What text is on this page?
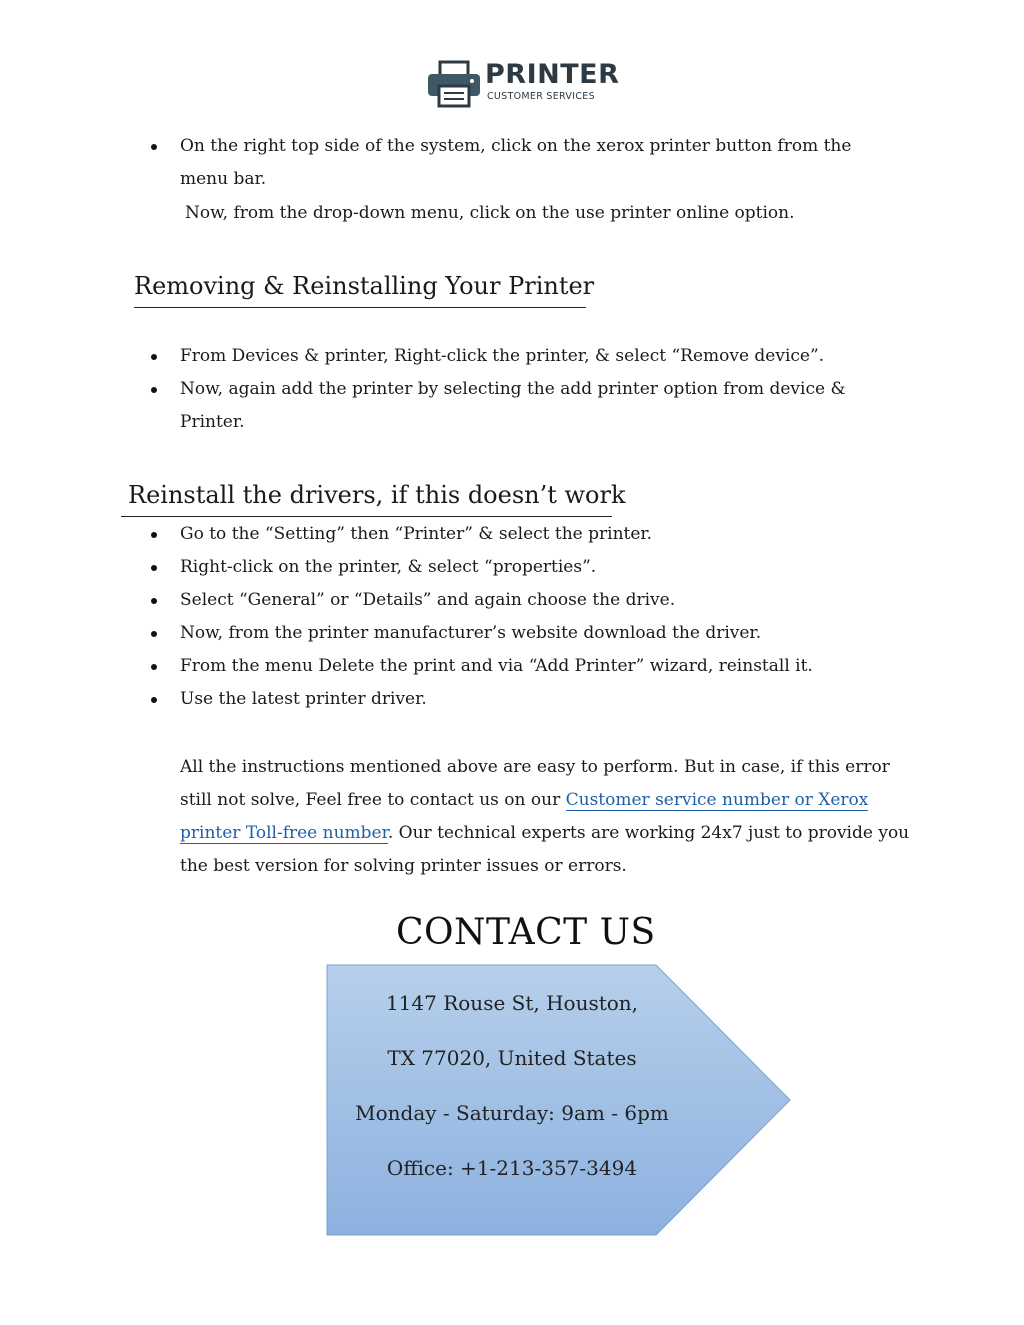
PRINTER
CUSTOMER SERVICES
On the right top side of the system, click on the xerox printer button from the menu bar.
Now, from the drop-down menu, click on the use printer online option.
Removing & Reinstalling Your Printer
From Devices & printer, Right-click the printer, & select “Remove device”.
Now, again add the printer by selecting the add printer option from device & Printer.
Reinstall the drivers, if this doesn’t work
Go to the “Setting” then “Printer” & select the printer.
Right-click on the printer, & select “properties”.
Select “General” or “Details” and again choose the drive.
Now, from the printer manufacturer’s website download the driver.
From the menu Delete the print and via “Add Printer” wizard, reinstall it.
Use the latest printer driver.
All the instructions mentioned above are easy to perform. But in case, if this error still not solve, Feel free to contact us on our Customer service number or Xerox printer Toll-free number. Our technical experts are working 24x7 just to provide you the best version for solving printer issues or errors.
CONTACT US
1147 Rouse St, Houston,
TX 77020, United States
Monday - Saturday: 9am - 6pm
Office: +1-213-357-3494
